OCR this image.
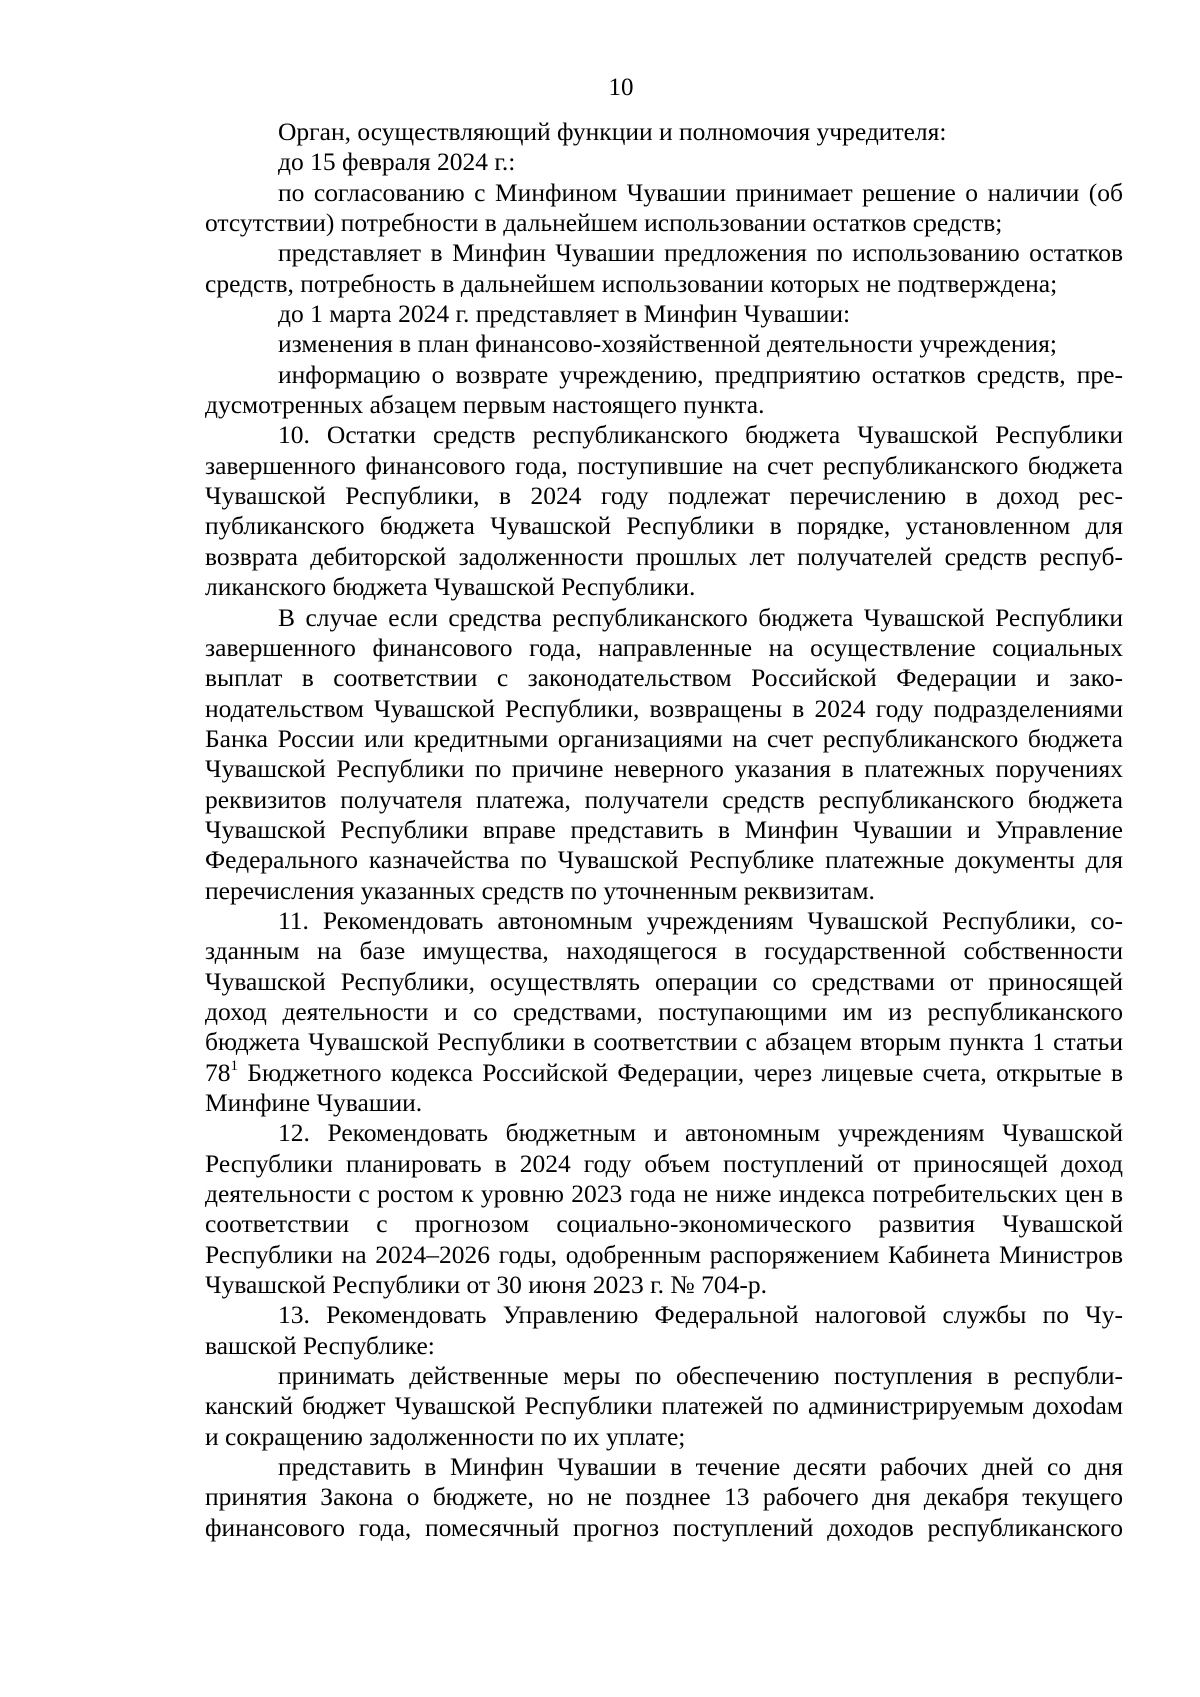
10

Орган, осуществляющий функции и полномочия учредителя:

до 15 февраля 2024 г.:

по согласованию с Минфином Чувашии принимает решение о наличии (об отсутствии) потребности в дальнейшем использовании остатков средств;

представляет в Минфин Чувашии предложения по использованию остатков средств, потребность в дальнейшем использовании которых не подтверждена;

до 1 марта 2024 г. представляет в Минфин Чувашии:

изменения в план финансово-хозяйственной деятельности учреждения;

информацию о возврате учреждению, предприятию остатков средств, предусмотренных абзацем первым настоящего пункта.

10. Остатки средств республиканского бюджета Чувашской Республики завершенного финансового года, поступившие на счет республиканского бюджета Чувашской Республики, в 2024 году подлежат перечислению в доход республиканского бюджета Чувашской Республики в порядке, установленном для возврата дебиторской задолженности прошлых лет получателей средств республиканского бюджета Чувашской Республики.

В случае если средства республиканского бюджета Чувашской Республики завершенного финансового года, направленные на осуществление социальных выплат в соответствии с законодательством Российской Федерации и законодательством Чувашской Республики, возвращены в 2024 году подразделениями Банка России или кредитными организациями на счет республиканского бюджета Чувашской Республики по причине неверного указания в платежных поручениях реквизитов получателя платежа, получатели средств республиканского бюджета Чувашской Республики вправе представить в Минфин Чувашии и Управление Федерального казначейства по Чувашской Республике платежные документы для перечисления указанных средств по уточненным реквизитам.

11. Рекомендовать автономным учреждениям Чувашской Республики, созданным на базе имущества, находящегося в государственной собственности Чувашской Республики, осуществлять операции со средствами от приносящей доход деятельности и со средствами, поступающими им из республиканского бюджета Чувашской Республики в соответствии с абзацем вторым пункта 1 статьи $78^1$ Бюджетного кодекса Российской Федерации, через лицевые счета, открытые в Минфине Чувашии.

12. Рекомендовать бюджетным и автономным учреждениям Чувашской Республики планировать в 2024 году объем поступлений от приносящей доход деятельности с ростом к уровню 2023 года не ниже индекса потребительских цен в соответствии с прогнозом социально-экономического развития Чувашской Республики на 2024–2026 годы, одобренным распоряжением Кабинета Министров Чувашской Республики от 30 июня 2023 г. № 704-р.

13. Рекомендовать Управлению Федеральной налоговой службы по Чувашской Республике:

принимать действенные меры по обеспечению поступления в республиканский бюджет Чувашской Республики платежей по администрируемым дохоdам и сокращению задолженности по их уплате;

представить в Минфин Чувашии в течение десяти рабочих дней со дня принятия Закона о бюджете, но не позднее 13 рабочего дня декабря текущего финансового года, помесячный прогноз поступлений доходов республиканского
